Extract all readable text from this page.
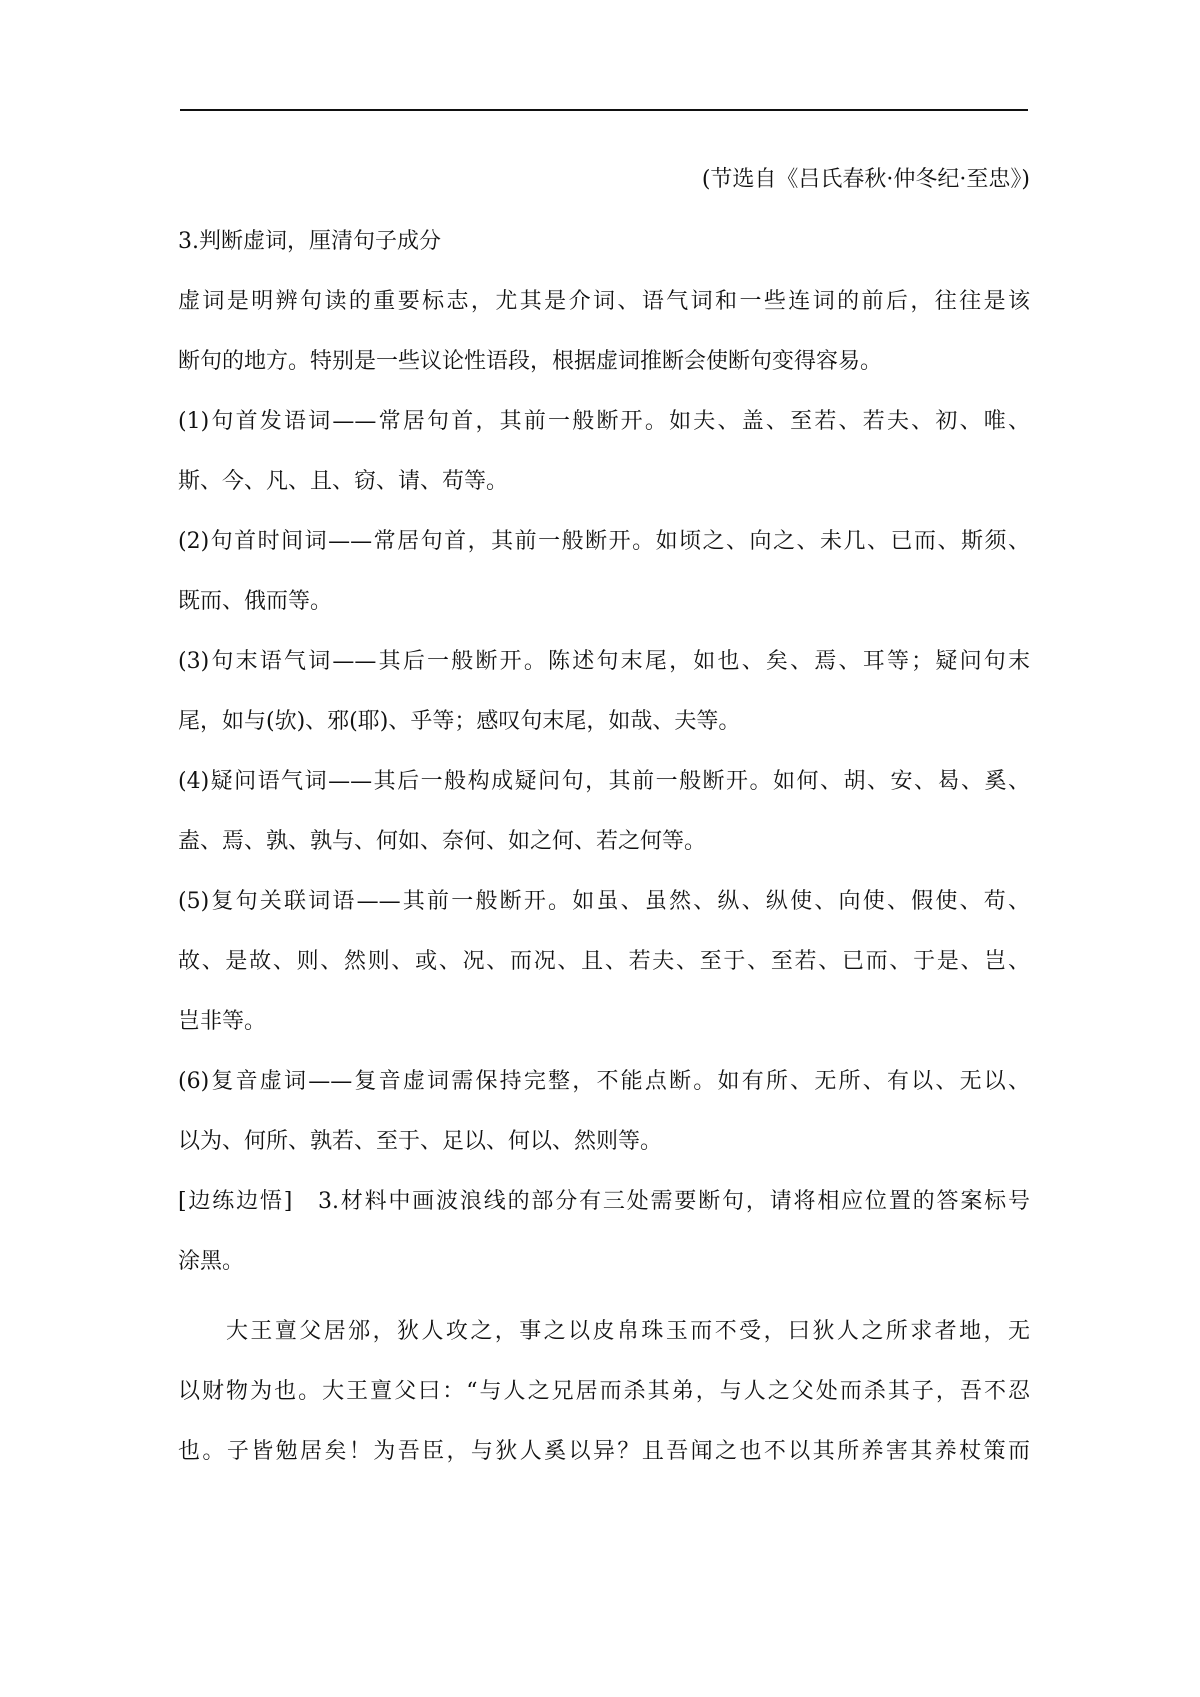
(节选自《吕氏春秋·仲冬纪·至忠》)

3.判断虚词，厘清句子成分

虚词是明辨句读的重要标志，尤其是介词、语气词和一些连词的前后，往往是该
断句的地方。特别是一些议论性语段，根据虚词推断会使断句变得容易。
(1)句首发语词——常居句首，其前一般断开。如夫、盖、至若、若夫、初、唯、
斯、今、凡、且、窃、请、苟等。
(2)句首时间词——常居句首，其前一般断开。如顷之、向之、未几、已而、斯须、
既而、俄而等。
(3)句末语气词——其后一般断开。陈述句末尾，如也、矣、焉、耳等；疑问句末
尾，如与(欤)、邪(耶)、乎等；感叹句末尾，如哉、夫等。
(4)疑问语气词——其后一般构成疑问句，其前一般断开。如何、胡、安、曷、奚、
盍、焉、孰、孰与、何如、奈何、如之何、若之何等。
(5)复句关联词语——其前一般断开。如虽、虽然、纵、纵使、向使、假使、苟、
故、是故、则、然则、或、况、而况、且、若夫、至于、至若、已而、于是、岂、
岂非等。
(6)复音虚词——复音虚词需保持完整，不能点断。如有所、无所、有以、无以、
以为、何所、孰若、至于、足以、何以、然则等。
[边练边悟]　3.材料中画波浪线的部分有三处需要断句，请将相应位置的答案标号
涂黑。
大王亶父居邠，狄人攻之，事之以皮帛珠玉而不受，曰狄人之所求者地，无
以财物为也。大王亶父曰：“与人之兄居而杀其弟，与人之父处而杀其子，吾不忍
也。子皆勉居矣！为吾臣，与狄人奚以异？且吾闻之也不以其所养害其养杖策而
